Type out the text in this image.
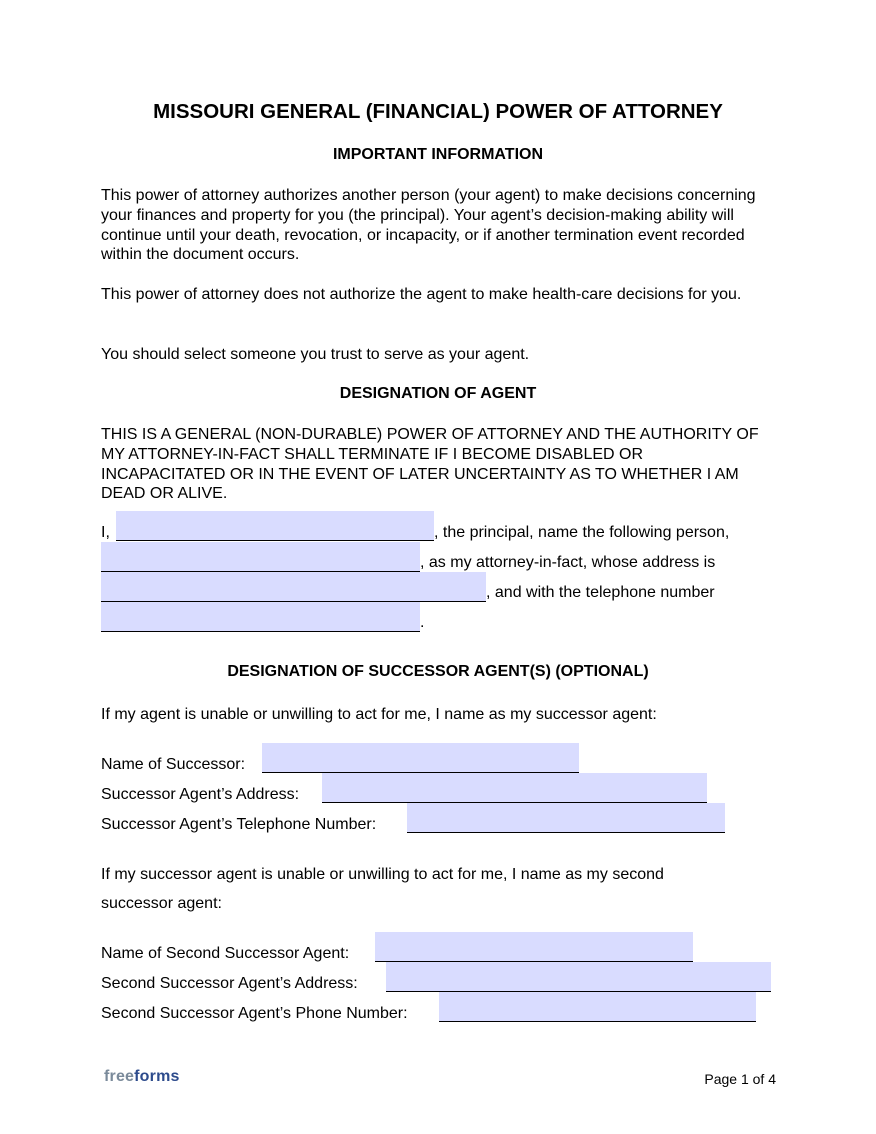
MISSOURI GENERAL (FINANCIAL) POWER OF ATTORNEY
IMPORTANT INFORMATION
This power of attorney authorizes another person (your agent) to make decisions concerning your finances and property for you (the principal). Your agent’s decision-making ability will continue until your death, revocation, or incapacity, or if another termination event recorded within the document occurs.
This power of attorney does not authorize the agent to make health-care decisions for you.
You should select someone you trust to serve as your agent.
DESIGNATION OF AGENT
THIS IS A GENERAL (NON-DURABLE) POWER OF ATTORNEY AND THE AUTHORITY OF MY ATTORNEY-IN-FACT SHALL TERMINATE IF I BECOME DISABLED OR INCAPACITATED OR IN THE EVENT OF LATER UNCERTAINTY AS TO WHETHER I AM DEAD OR ALIVE.
I,	, the principal, name the following person,
, as my attorney-in-fact, whose address is
, and with the telephone number
.
DESIGNATION OF SUCCESSOR AGENT(S) (OPTIONAL)
If my agent is unable or unwilling to act for me, I name as my successor agent:
Name of Successor:
Successor Agent’s Address:
Successor Agent’s Telephone Number:
If my successor agent is unable or unwilling to act for me, I name as my second
successor agent:
Name of Second Successor Agent:
Second Successor Agent’s Address:
Second Successor Agent’s Phone Number:
freeforms	Page 1 of 4
